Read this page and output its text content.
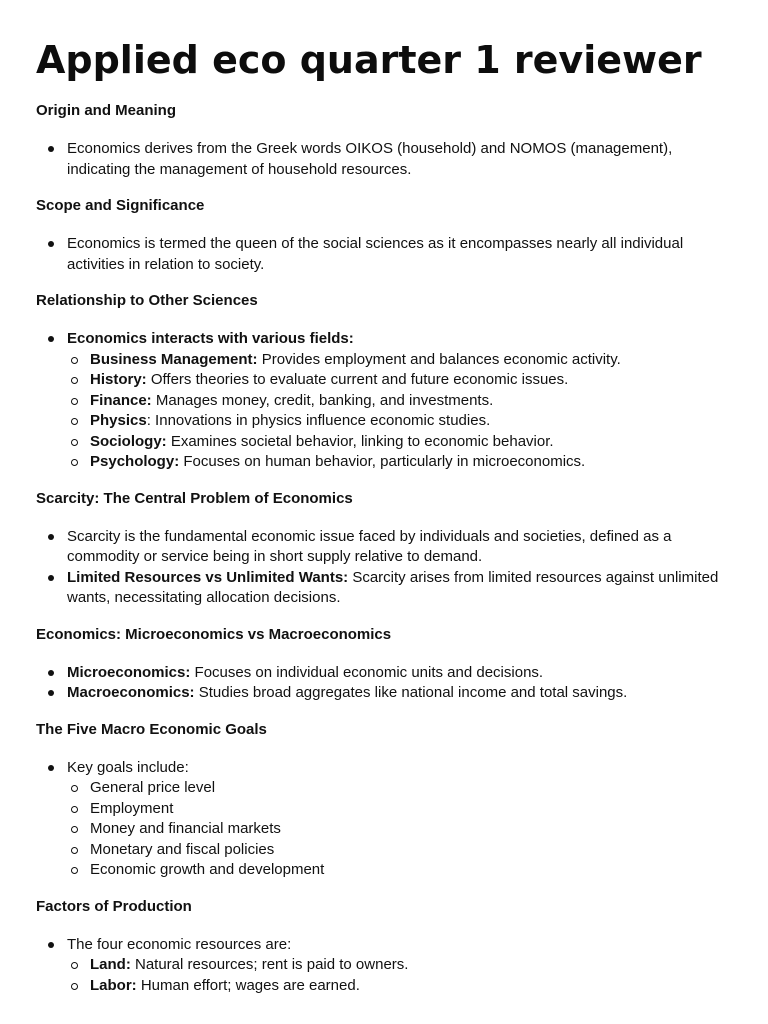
Applied eco quarter 1 reviewer
Origin and Meaning
Economics derives from the Greek words OIKOS (household) and NOMOS (management), indicating the management of household resources.
Scope and Significance
Economics is termed the queen of the social sciences as it encompasses nearly all individual activities in relation to society.
Relationship to Other Sciences
Economics interacts with various fields:
Business Management: Provides employment and balances economic activity.
History: Offers theories to evaluate current and future economic issues.
Finance: Manages money, credit, banking, and investments.
Physics: Innovations in physics influence economic studies.
Sociology: Examines societal behavior, linking to economic behavior.
Psychology: Focuses on human behavior, particularly in microeconomics.
Scarcity: The Central Problem of Economics
Scarcity is the fundamental economic issue faced by individuals and societies, defined as a commodity or service being in short supply relative to demand.
Limited Resources vs Unlimited Wants: Scarcity arises from limited resources against unlimited wants, necessitating allocation decisions.
Economics: Microeconomics vs Macroeconomics
Microeconomics: Focuses on individual economic units and decisions.
Macroeconomics: Studies broad aggregates like national income and total savings.
The Five Macro Economic Goals
Key goals include:
General price level
Employment
Money and financial markets
Monetary and fiscal policies
Economic growth and development
Factors of Production
The four economic resources are:
Land: Natural resources; rent is paid to owners.
Labor: Human effort; wages are earned.
